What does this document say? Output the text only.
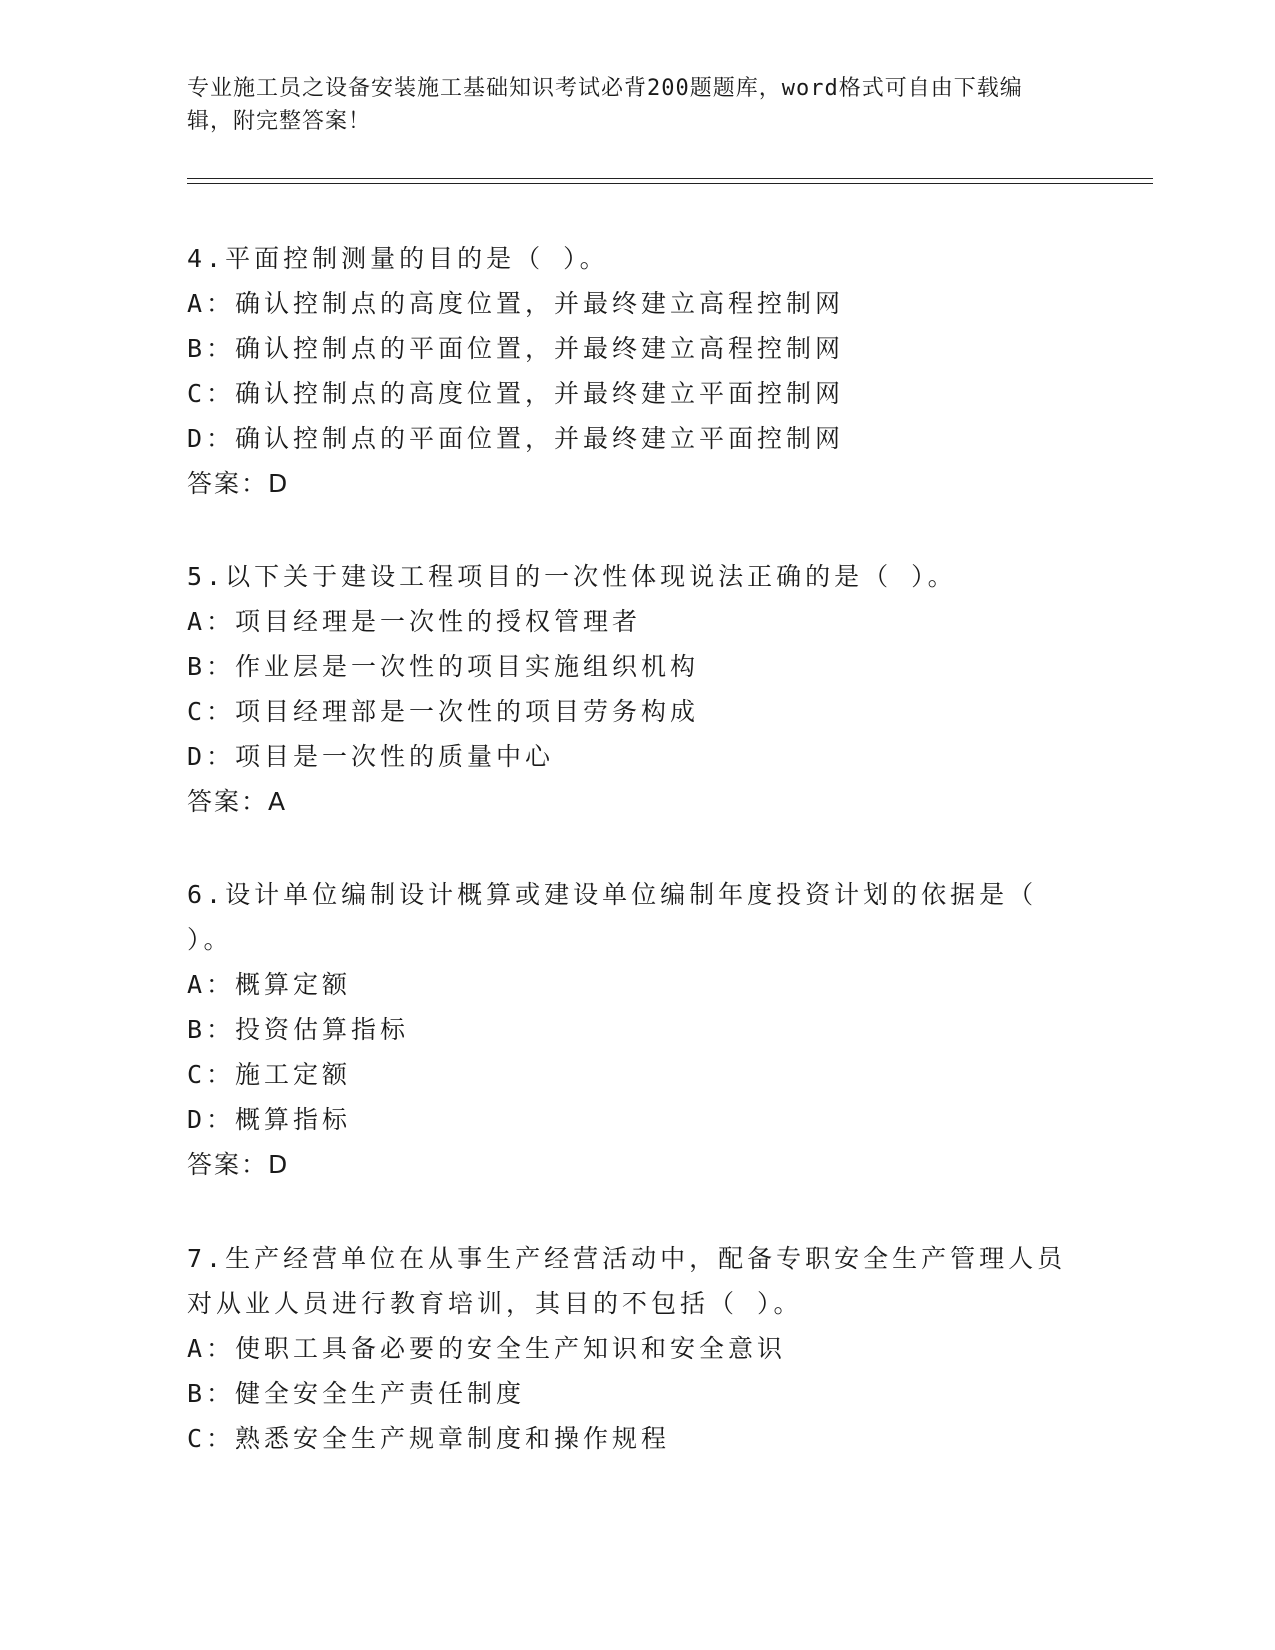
专业施工员之设备安装施工基础知识考试必背200题题库，word格式可自由下载编辑，附完整答案！
4.平面控制测量的目的是（ ）。
A：确认控制点的高度位置，并最终建立高程控制网
B：确认控制点的平面位置，并最终建立高程控制网
C：确认控制点的高度位置，并最终建立平面控制网
D：确认控制点的平面位置，并最终建立平面控制网
答案：D
5.以下关于建设工程项目的一次性体现说法正确的是（ ）。
A：项目经理是一次性的授权管理者
B：作业层是一次性的项目实施组织机构
C：项目经理部是一次性的项目劳务构成
D：项目是一次性的质量中心
答案：A
6.设计单位编制设计概算或建设单位编制年度投资计划的依据是（ ）。
A：概算定额
B：投资估算指标
C：施工定额
D：概算指标
答案：D
7.生产经营单位在从事生产经营活动中，配备专职安全生产管理人员对从业人员进行教育培训，其目的不包括（ ）。
A：使职工具备必要的安全生产知识和安全意识
B：健全安全生产责任制度
C：熟悉安全生产规章制度和操作规程
